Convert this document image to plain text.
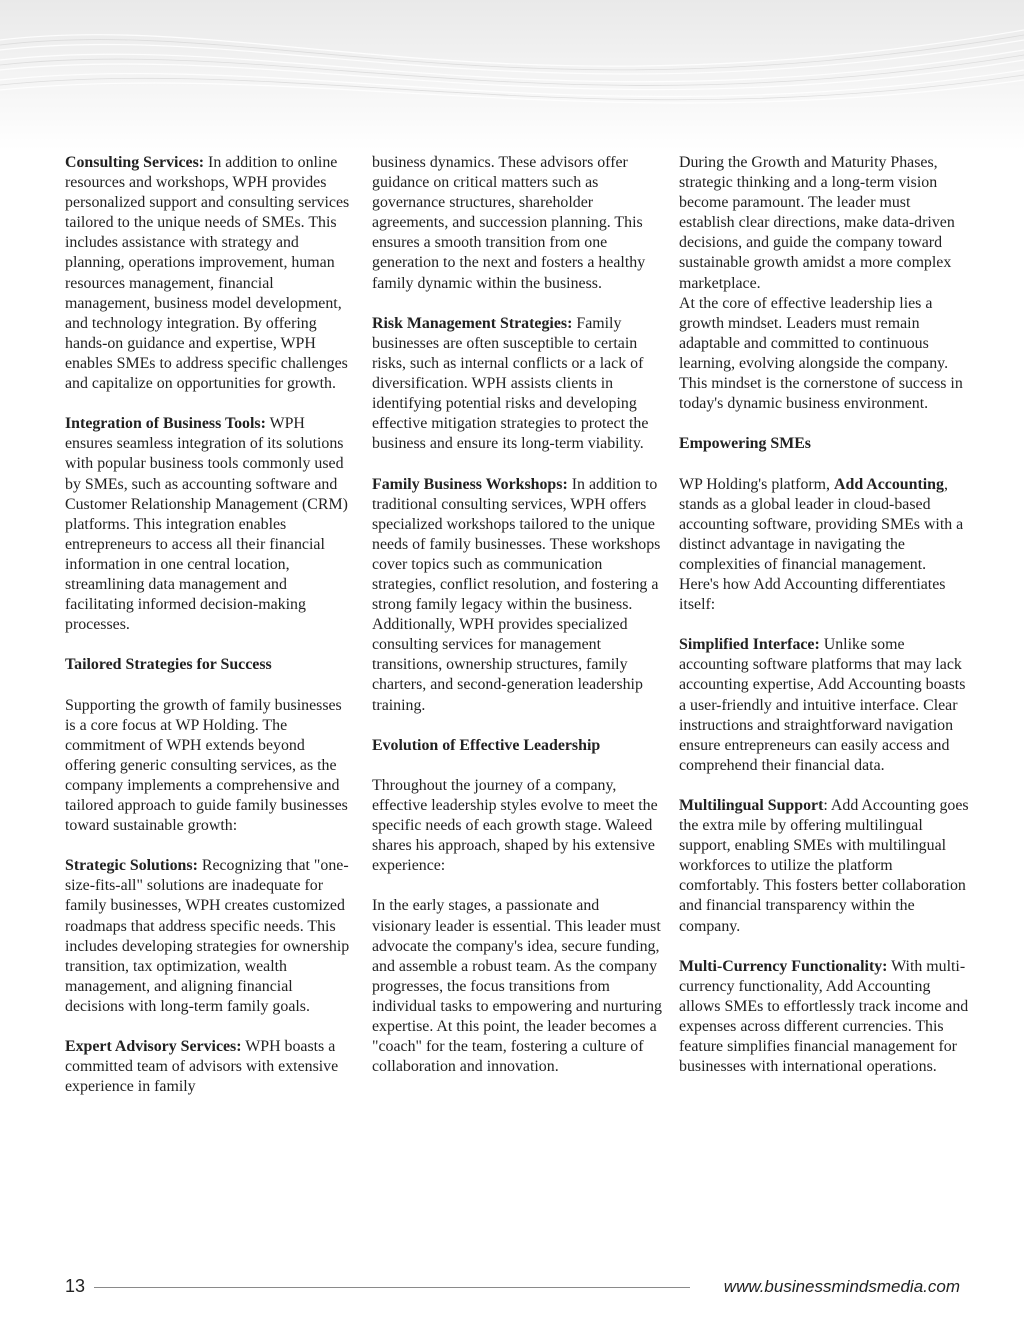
Consulting Services: In addition to online resources and workshops, WPH provides personalized support and consulting services tailored to the unique needs of SMEs. This includes assistance with strategy and planning, operations improvement, human resources management, financial management, business model development, and technology integration. By offering hands-on guidance and expertise, WPH enables SMEs to address specific challenges and capitalize on opportunities for growth.

Integration of Business Tools: WPH ensures seamless integration of its solutions with popular business tools commonly used by SMEs, such as accounting software and Customer Relationship Management (CRM) platforms. This integration enables entrepreneurs to access all their financial information in one central location, streamlining data management and facilitating informed decision-making processes.

Tailored Strategies for Success

Supporting the growth of family businesses is a core focus at WP Holding. The commitment of WPH extends beyond offering generic consulting services, as the company implements a comprehensive and tailored approach to guide family businesses toward sustainable growth:

Strategic Solutions: Recognizing that "one-size-fits-all" solutions are inadequate for family businesses, WPH creates customized roadmaps that address specific needs. This includes developing strategies for ownership transition, tax optimization, wealth management, and aligning financial decisions with long-term family goals.

Expert Advisory Services: WPH boasts a committed team of advisors with extensive experience in family

business dynamics. These advisors offer guidance on critical matters such as governance structures, shareholder agreements, and succession planning. This ensures a smooth transition from one generation to the next and fosters a healthy family dynamic within the business.

Risk Management Strategies: Family businesses are often susceptible to certain risks, such as internal conflicts or a lack of diversification. WPH assists clients in identifying potential risks and developing effective mitigation strategies to protect the business and ensure its long-term viability.

Family Business Workshops: In addition to traditional consulting services, WPH offers specialized workshops tailored to the unique needs of family businesses. These workshops cover topics such as communication strategies, conflict resolution, and fostering a strong family legacy within the business. Additionally, WPH provides specialized consulting services for management transitions, ownership structures, family charters, and second-generation leadership training.

Evolution of Effective Leadership

Throughout the journey of a company, effective leadership styles evolve to meet the specific needs of each growth stage. Waleed shares his approach, shaped by his extensive experience:

In the early stages, a passionate and visionary leader is essential. This leader must advocate the company's idea, secure funding, and assemble a robust team. As the company progresses, the focus transitions from individual tasks to empowering and nurturing expertise. At this point, the leader becomes a "coach" for the team, fostering a culture of collaboration and innovation.

During the Growth and Maturity Phases, strategic thinking and a long-term vision become paramount. The leader must establish clear directions, make data-driven decisions, and guide the company toward sustainable growth amidst a more complex marketplace.

At the core of effective leadership lies a growth mindset. Leaders must remain adaptable and committed to continuous learning, evolving alongside the company. This mindset is the cornerstone of success in today's dynamic business environment.

Empowering SMEs

WP Holding's platform, Add Accounting, stands as a global leader in cloud-based accounting software, providing SMEs with a distinct advantage in navigating the complexities of financial management. Here's how Add Accounting differentiates itself:

Simplified Interface: Unlike some accounting software platforms that may lack accounting expertise, Add Accounting boasts a user-friendly and intuitive interface. Clear instructions and straightforward navigation ensure entrepreneurs can easily access and comprehend their financial data.

Multilingual Support: Add Accounting goes the extra mile by offering multilingual support, enabling SMEs with multilingual workforces to utilize the platform comfortably. This fosters better collaboration and financial transparency within the company.

Multi-Currency Functionality: With multi-currency functionality, Add Accounting allows SMEs to effortlessly track income and expenses across different currencies. This feature simplifies financial management for businesses with international operations.

13	www.businessmindsmedia.com
